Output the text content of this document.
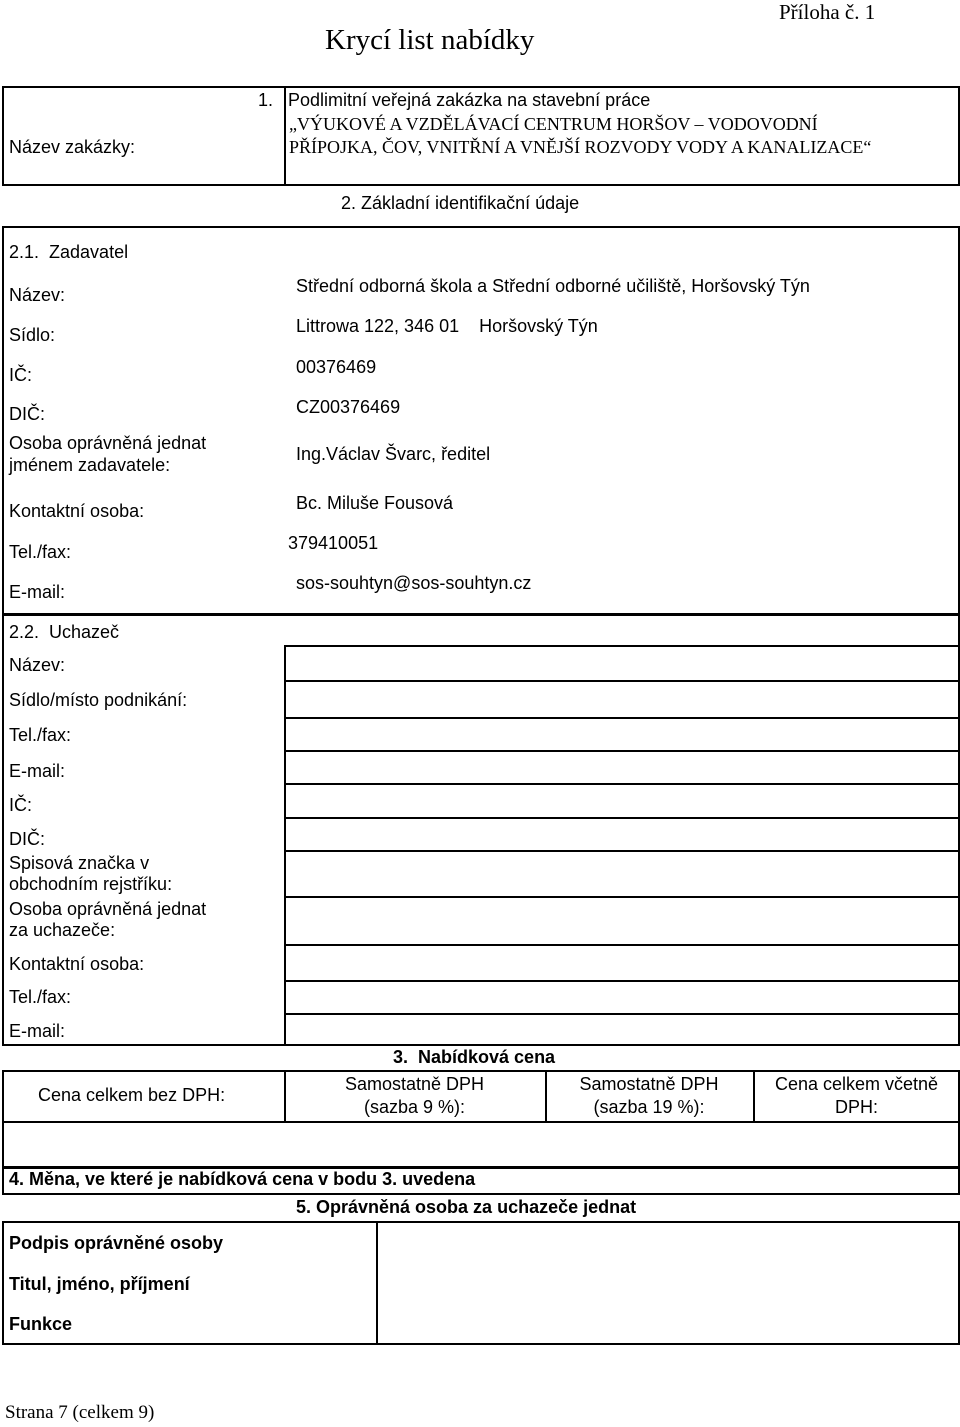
Příloha č. 1
Krycí list nabídky
Název zakázky:
1.   Podlimitní veřejná zakázka na stavební práce
„VÝUKOVÉ A VZDĚLÁVACÍ CENTRUM HORŠOV – VODOVODNÍ
PŘÍPOJKA, ČOV, VNITŘNÍ A VNĚJŠÍ ROZVODY VODY A KANALIZACE“
2. Základní identifikační údaje
2.1.  Zadavatel
Název:
Sídlo:
IČ:
DIČ:
Osoba oprávněná jednat
jménem zadavatele:
Kontaktní osoba:
Tel./fax:
E-mail:
Střední odborná škola a Střední odborné učiliště, Horšovský Týn
Littrowa 122, 346 01    Horšovský Týn
00376469
CZ00376469
Ing.Václav Švarc, ředitel
Bc. Miluše Fousová
379410051
sos-souhtyn@sos-souhtyn.cz
2.2.  Uchazeč
Název:
Sídlo/místo podnikání:
Tel./fax:
E-mail:
IČ:
DIČ:
Spisová značka v
obchodním rejstříku:
Osoba oprávněná jednat
za uchazeče:
Kontaktní osoba:
Tel./fax:
E-mail:
3.  Nabídková cena
Cena celkem bez DPH:
Samostatně DPH
(sazba 9 %):
Samostatně DPH
(sazba 19 %):
Cena celkem včetně
DPH:
4. Měna, ve které je nabídková cena v bodu 3. uvedena
5. Oprávněná osoba za uchazeče jednat
Podpis oprávněné osoby
Titul, jméno, příjmení
Funkce
Strana 7 (celkem 9)
